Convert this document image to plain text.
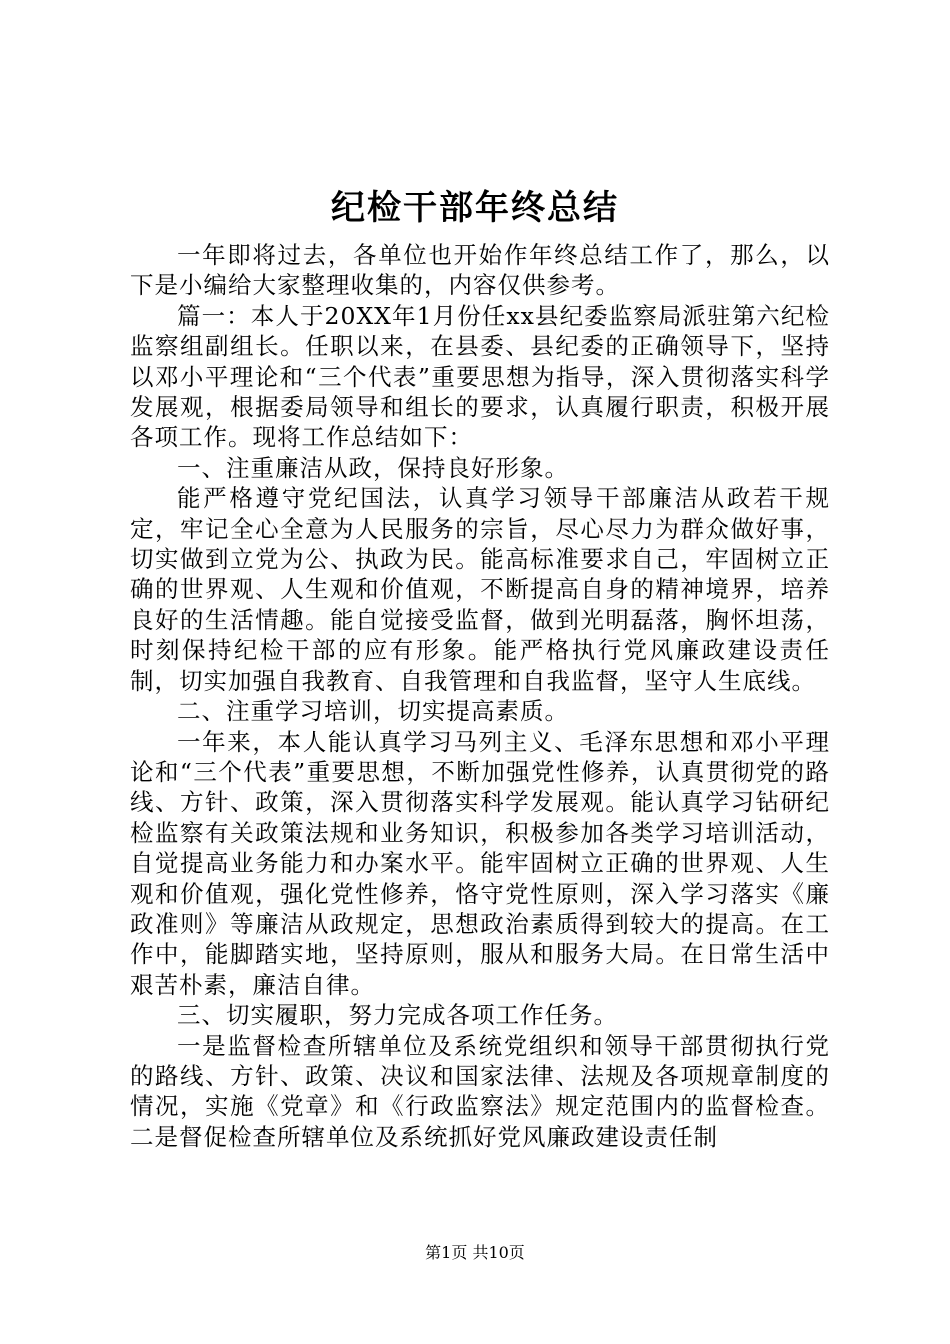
纪检干部年终总结

一年即将过去，各单位也开始作年终总结工作了，那么，以下是小编给大家整理收集的，内容仅供参考。

篇一：本人于20XX年1月份任xx县纪委监察局派驻第六纪检监察组副组长。任职以来，在县委、县纪委的正确领导下，坚持以邓小平理论和“三个代表”重要思想为指导，深入贯彻落实科学发展观，根据委局领导和组长的要求，认真履行职责，积极开展各项工作。现将工作总结如下：

一、注重廉洁从政，保持良好形象。

能严格遵守党纪国法，认真学习领导干部廉洁从政若干规定，牢记全心全意为人民服务的宗旨，尽心尽力为群众做好事，切实做到立党为公、执政为民。能高标准要求自己，牢固树立正确的世界观、人生观和价值观，不断提高自身的精神境界，培养良好的生活情趣。能自觉接受监督，做到光明磊落，胸怀坦荡，时刻保持纪检干部的应有形象。能严格执行党风廉政建设责任制，切实加强自我教育、自我管理和自我监督，坚守人生底线。

二、注重学习培训，切实提高素质。

一年来，本人能认真学习马列主义、毛泽东思想和邓小平理论和“三个代表”重要思想，不断加强党性修养，认真贯彻党的路线、方针、政策，深入贯彻落实科学发展观。能认真学习钻研纪检监察有关政策法规和业务知识，积极参加各类学习培训活动，自觉提高业务能力和办案水平。能牢固树立正确的世界观、人生观和价值观，强化党性修养，恪守党性原则，深入学习落实《廉政准则》等廉洁从政规定，思想政治素质得到较大的提高。在工作中，能脚踏实地，坚持原则，服从和服务大局。在日常生活中艰苦朴素，廉洁自律。

三、切实履职，努力完成各项工作任务。

一是监督检查所辖单位及系统党组织和领导干部贯彻执行党的路线、方针、政策、决议和国家法律、法规及各项规章制度的情况，实施《党章》和《行政监察法》规定范围内的监督检查。二是督促检查所辖单位及系统抓好党风廉政建设责任制

第1页 共10页
